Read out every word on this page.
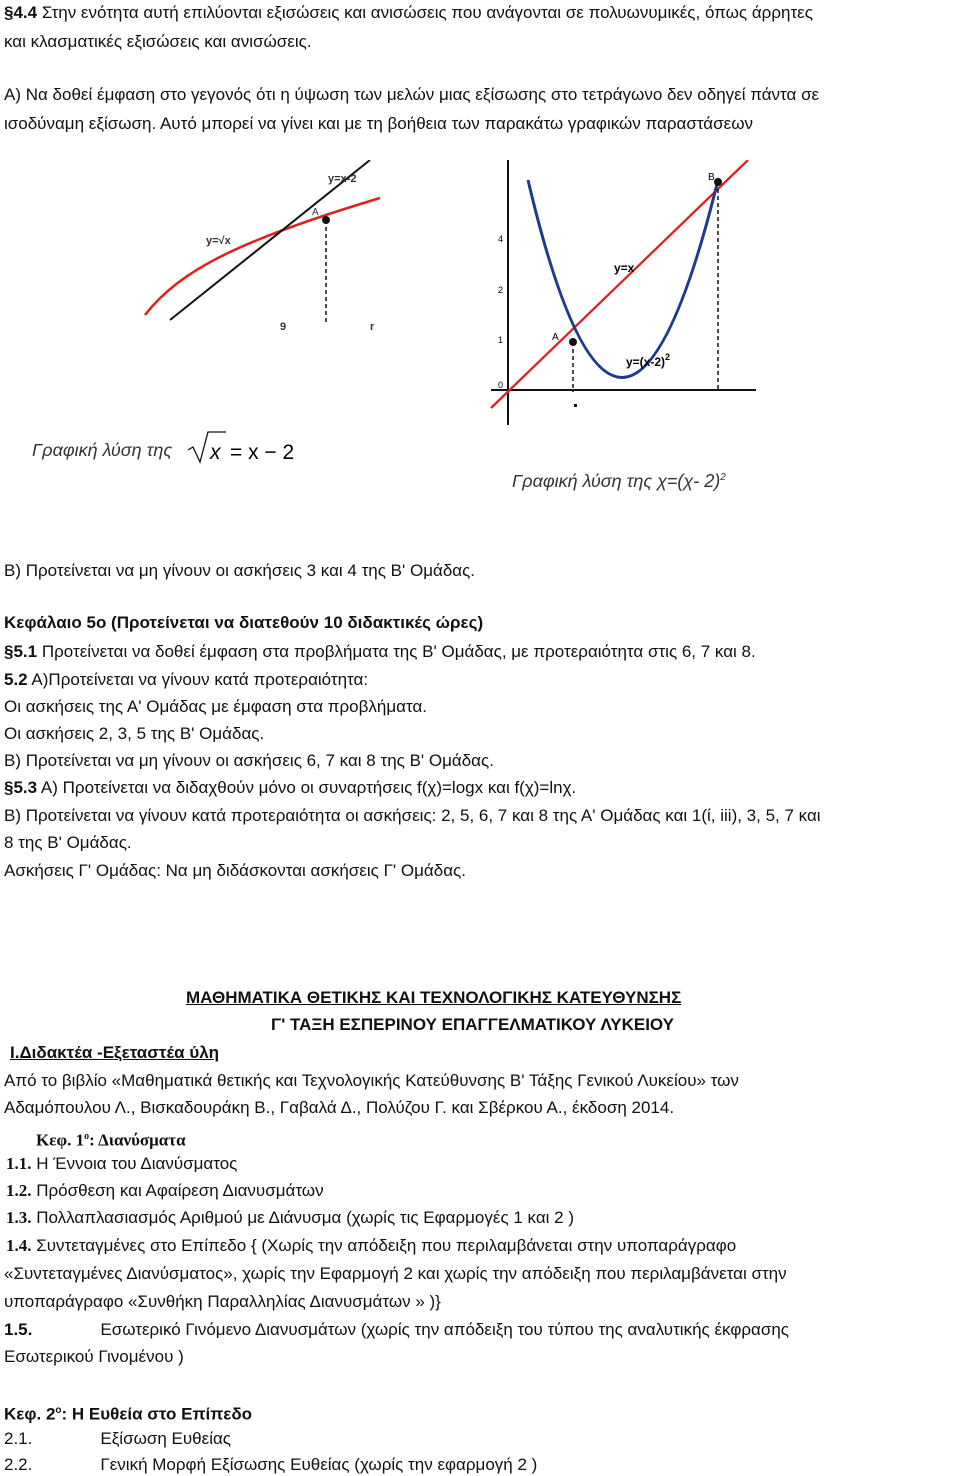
§4.4 Στην ενότητα αυτή επιλύονται εξισώσεις και ανισώσεις που ανάγονται σε πολυωνυμικές, όπως άρρητες
και κλασματικές εξισώσεις και ανισώσεις.
Α) Να δοθεί έμφαση στο γεγονός ότι η ύψωση των μελών μιας εξίσωσης στο τετράγωνο δεν οδηγεί πάντα σε
ισοδύναμη εξίσωση. Αυτό μπορεί να γίνει και με τη βοήθεια των παρακάτω γραφικών παραστάσεων
y=x-2
A
y=√x
9	r
Γραφική λύση της x = x − 2
4
2
1
0
A
B
y=x
$y=(x-2)^2$
Γραφική λύση της χ=(χ- 2)$^2$
Β) Προτείνεται να μη γίνουν οι ασκήσεις 3 και 4 της Β' Ομάδας.
Κεφάλαιο 5ο (Προτείνεται να διατεθούν 10 διδακτικές ώρες)
§5.1 Προτείνεται να δοθεί έμφαση στα προβλήματα της Β' Ομάδας, με προτεραιότητα στις 6, 7 και 8.
5.2 Α)Προτείνεται να γίνουν κατά προτεραιότητα:
Οι ασκήσεις της Α' Ομάδας με έμφαση στα προβλήματα.
Οι ασκήσεις 2, 3, 5 της Β' Ομάδας.
Β) Προτείνεται να μη γίνουν οι ασκήσεις 6, 7 και 8 της Β' Ομάδας.
§5.3 Α) Προτείνεται να διδαχθούν μόνο οι συναρτήσεις f(χ)=logx και f(χ)=lnχ.
Β) Προτείνεται να γίνουν κατά προτεραιότητα οι ασκήσεις: 2, 5, 6, 7 και 8 της Α' Ομάδας και 1(ί, iii), 3, 5, 7 και
8 της Β' Ομάδας.
Ασκήσεις Γ' Ομάδας: Να μη διδάσκονται ασκήσεις Γ' Ομάδας.
ΜΑΘΗΜΑΤΙΚΑ ΘΕΤΙΚΗΣ ΚΑΙ ΤΕΧΝΟΛΟΓΙΚΗΣ ΚΑΤΕΥΘΥΝΣΗΣ
Γ' ΤΑΞΗ ΕΣΠΕΡΙΝΟΥ ΕΠΑΓΓΕΛΜΑΤΙΚΟΥ ΛΥΚΕΙΟΥ
Ι.Διδακτέα -Εξεταστέα ύλη
Από το βιβλίο «Μαθηματικά θετικής και Τεχνολογικής Κατεύθυνσης Β' Τάξης Γενικού Λυκείου» των
Αδαμόπουλου Λ., Βισκαδουράκη Β., Γαβαλά Δ., Πολύζου Γ. και Σβέρκου Α., έκδοση 2014.
Κεφ. $1^o$: Διανύσματα
1.1. Η Έννοια του Διανύσματος
1.2. Πρόσθεση και Αφαίρεση Διανυσμάτων
1.3. Πολλαπλασιασμός Αριθμού με Διάνυσμα (χωρίς τις Εφαρμογές 1 και 2 )
1.4. Συντεταγμένες στο Επίπεδο { (Χωρίς την απόδειξη που περιλαμβάνεται στην υποπαράγραφο
«Συντεταγμένες Διανύσματος», χωρίς την Εφαρμογή 2 και χωρίς την απόδειξη που περιλαμβάνεται στην
υποπαράγραφο «Συνθήκη Παραλληλίας Διανυσμάτων » )}
1.5.	Εσωτερικό Γινόμενο Διανυσμάτων (χωρίς την απόδειξη του τύπου της αναλυτικής έκφρασης
Εσωτερικού Γινομένου )
Κεφ. $2^o$: Η Ευθεία στο Επίπεδο
2.1.	Εξίσωση Ευθείας
2.2.	Γενική Μορφή Εξίσωσης Ευθείας (χωρίς την εφαρμογή 2 )
